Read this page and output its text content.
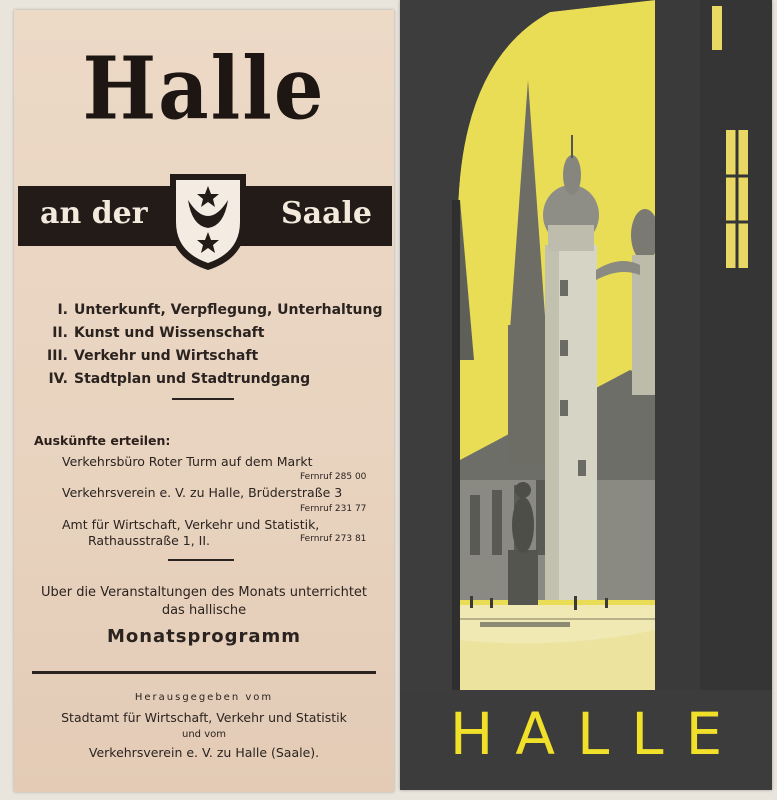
Halle
an der	Saale
I. Unterkunft, Verpflegung, Unterhaltung
II. Kunst und Wissenschaft
III. Verkehr und Wirtschaft
IV. Stadtplan und Stadtrundgang
Auskünfte erteilen:
Verkehrsbüro Roter Turm auf dem Markt
Fernruf 285 00
Verkehrsverein e. V. zu Halle, Brüderstraße 3
Fernruf 231 77
Amt für Wirtschaft, Verkehr und Statistik,
Rathausstraße 1, II.	Fernruf 273 81
Uber die Veranstaltungen des Monats unterrichtet
das hallische
Monatsprogramm
Herausgegeben vom
Stadtamt für Wirtschaft, Verkehr und Statistik
und vom
Verkehrsverein e. V. zu Halle (Saale).	HALLE
